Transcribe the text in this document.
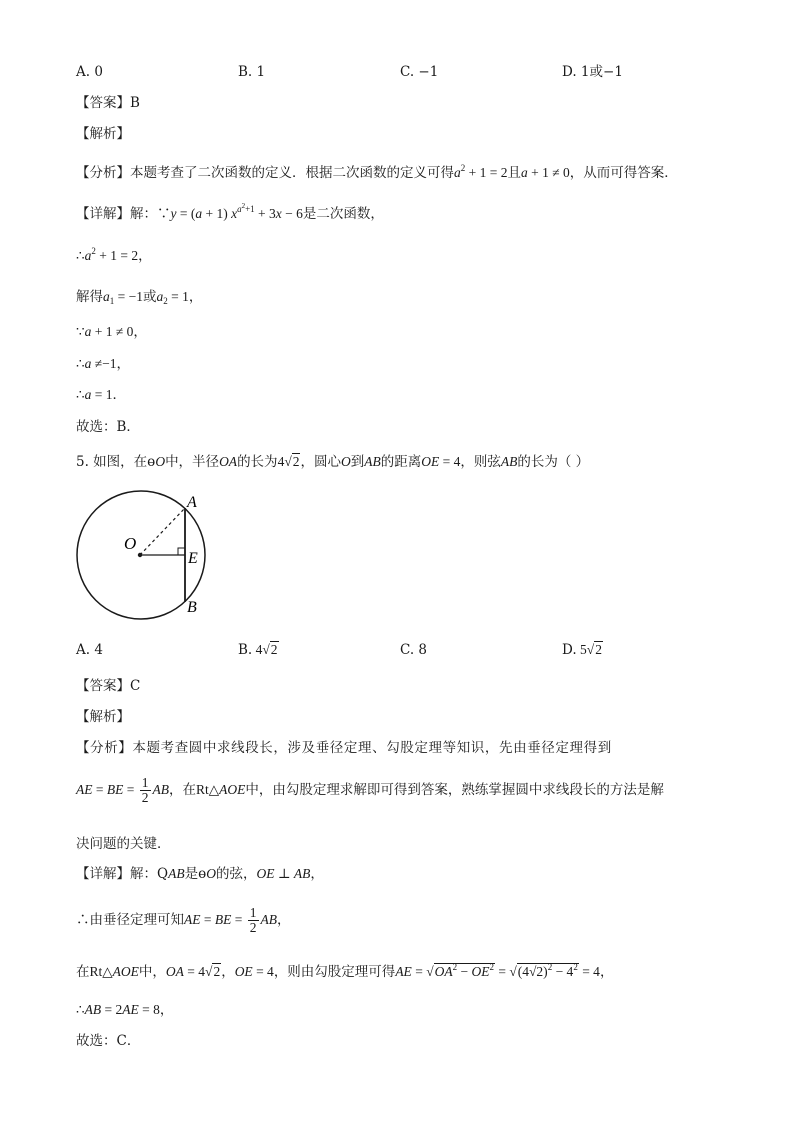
A. 0	B. 1	C. −1	D. 1或−1
【答案】B
【解析】
【分析】本题考查了二次函数的定义．根据二次函数的定义可得$a^2 + 1 = 2$且a + 1 ≠ 0，从而可得答案．
【详解】解：∵y = (a + 1) $x^{a^2+1} + 3x - 6$是二次函数，
$\therefore a^2 + 1 = 2$，
解得$a_1 = -1$或$a_2 = 1$，
∵a + 1 ≠ 0，
∴a ≠−1，
∴a = 1．
故选：B．
5. 如图，在ɵO中，半径OA的长为4√2，圆心O到AB的距离OE = 4，则弦AB的长为（ ）
O
A
E
B
A. 4	B. 4√2	C. 8	D. 5√2
【答案】C
【解析】
【分析】本题考查圆中求线段长，涉及垂径定理、勾股定理等知识，先由垂径定理得到
AE = BE = $\frac{1}{2}$ AB，在Rt△AOE中，由勾股定理求解即可得到答案，熟练掌握圆中求线段长的方法是解
决问题的关键．
【详解】解：QAB是ɵO的弦，OE ⊥ AB，
∴由垂径定理可知AE = BE = $\frac{1}{2}$ AB，
在Rt△AOE中，OA = 4√2，OE = 4，则由勾股定理可得AE = $√OA^2 - OE^2 = √(4√2)^2 - 4^2 = 4$，
∴AB = 2AE = 8，
故选：C．
